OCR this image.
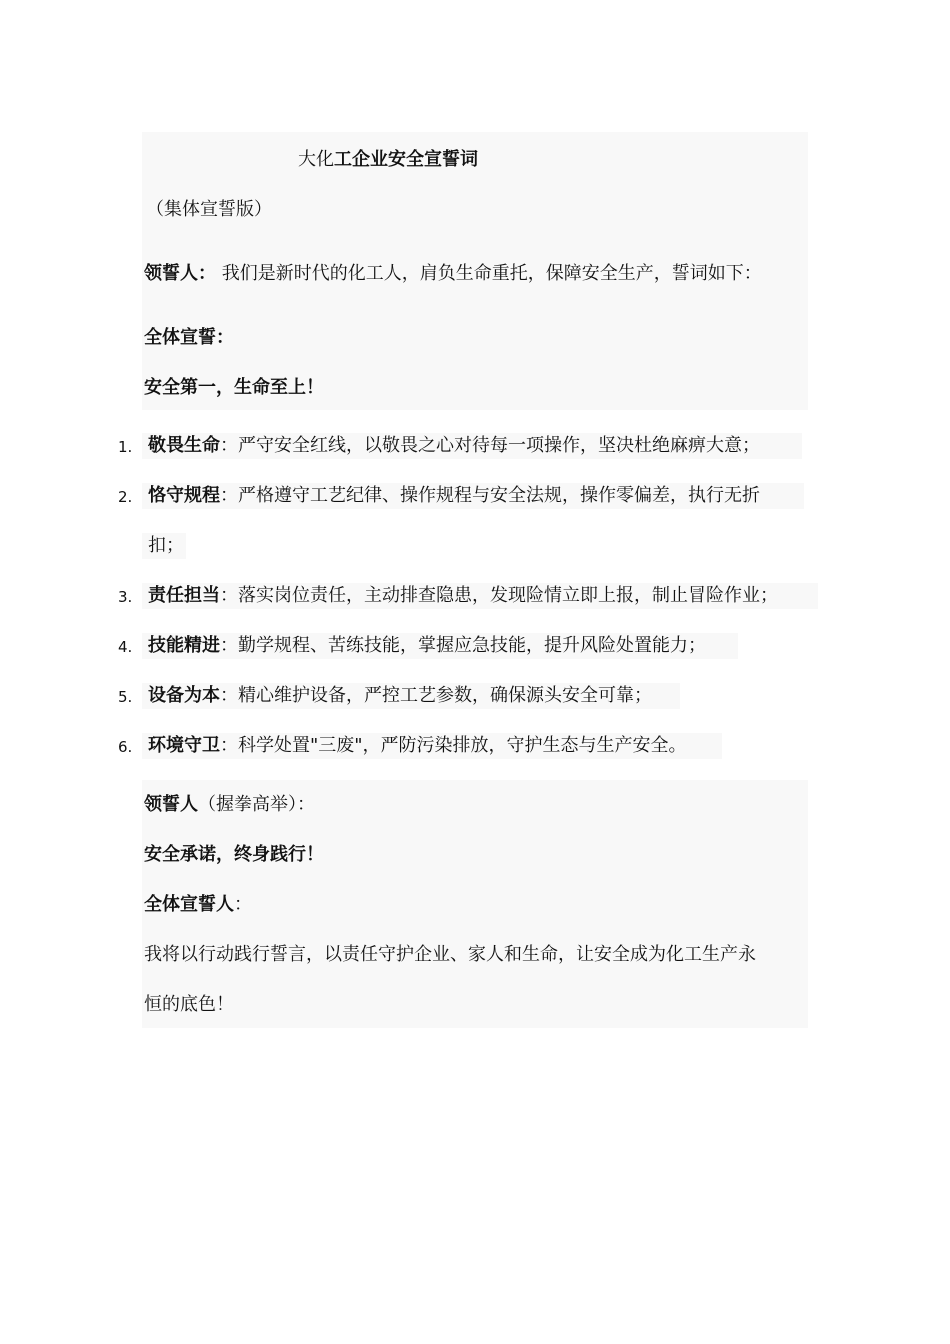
大化工企业安全宣誓词
（集体宣誓版）
领誓人： 我们是新时代的化工人，肩负生命重托，保障安全生产，誓词如下：
全体宣誓：
安全第一，生命至上！
1. 敬畏生命：严守安全红线，以敬畏之心对待每一项操作，坚决杜绝麻痹大意；
2. 恪守规程：严格遵守工艺纪律、操作规程与安全法规，操作零偏差，执行无折
扣；
3. 责任担当：落实岗位责任，主动排查隐患，发现险情立即上报，制止冒险作业；
4. 技能精进：勤学规程、苦练技能，掌握应急技能，提升风险处置能力；
5. 设备为本：精心维护设备，严控工艺参数，确保源头安全可靠；
6. 环境守卫：科学处置"三废"，严防污染排放，守护生态与生产安全。
领誓人（握拳高举）：
安全承诺，终身践行！
全体宣誓人：
我将以行动践行誓言，以责任守护企业、家人和生命，让安全成为化工生产永
恒的底色！
